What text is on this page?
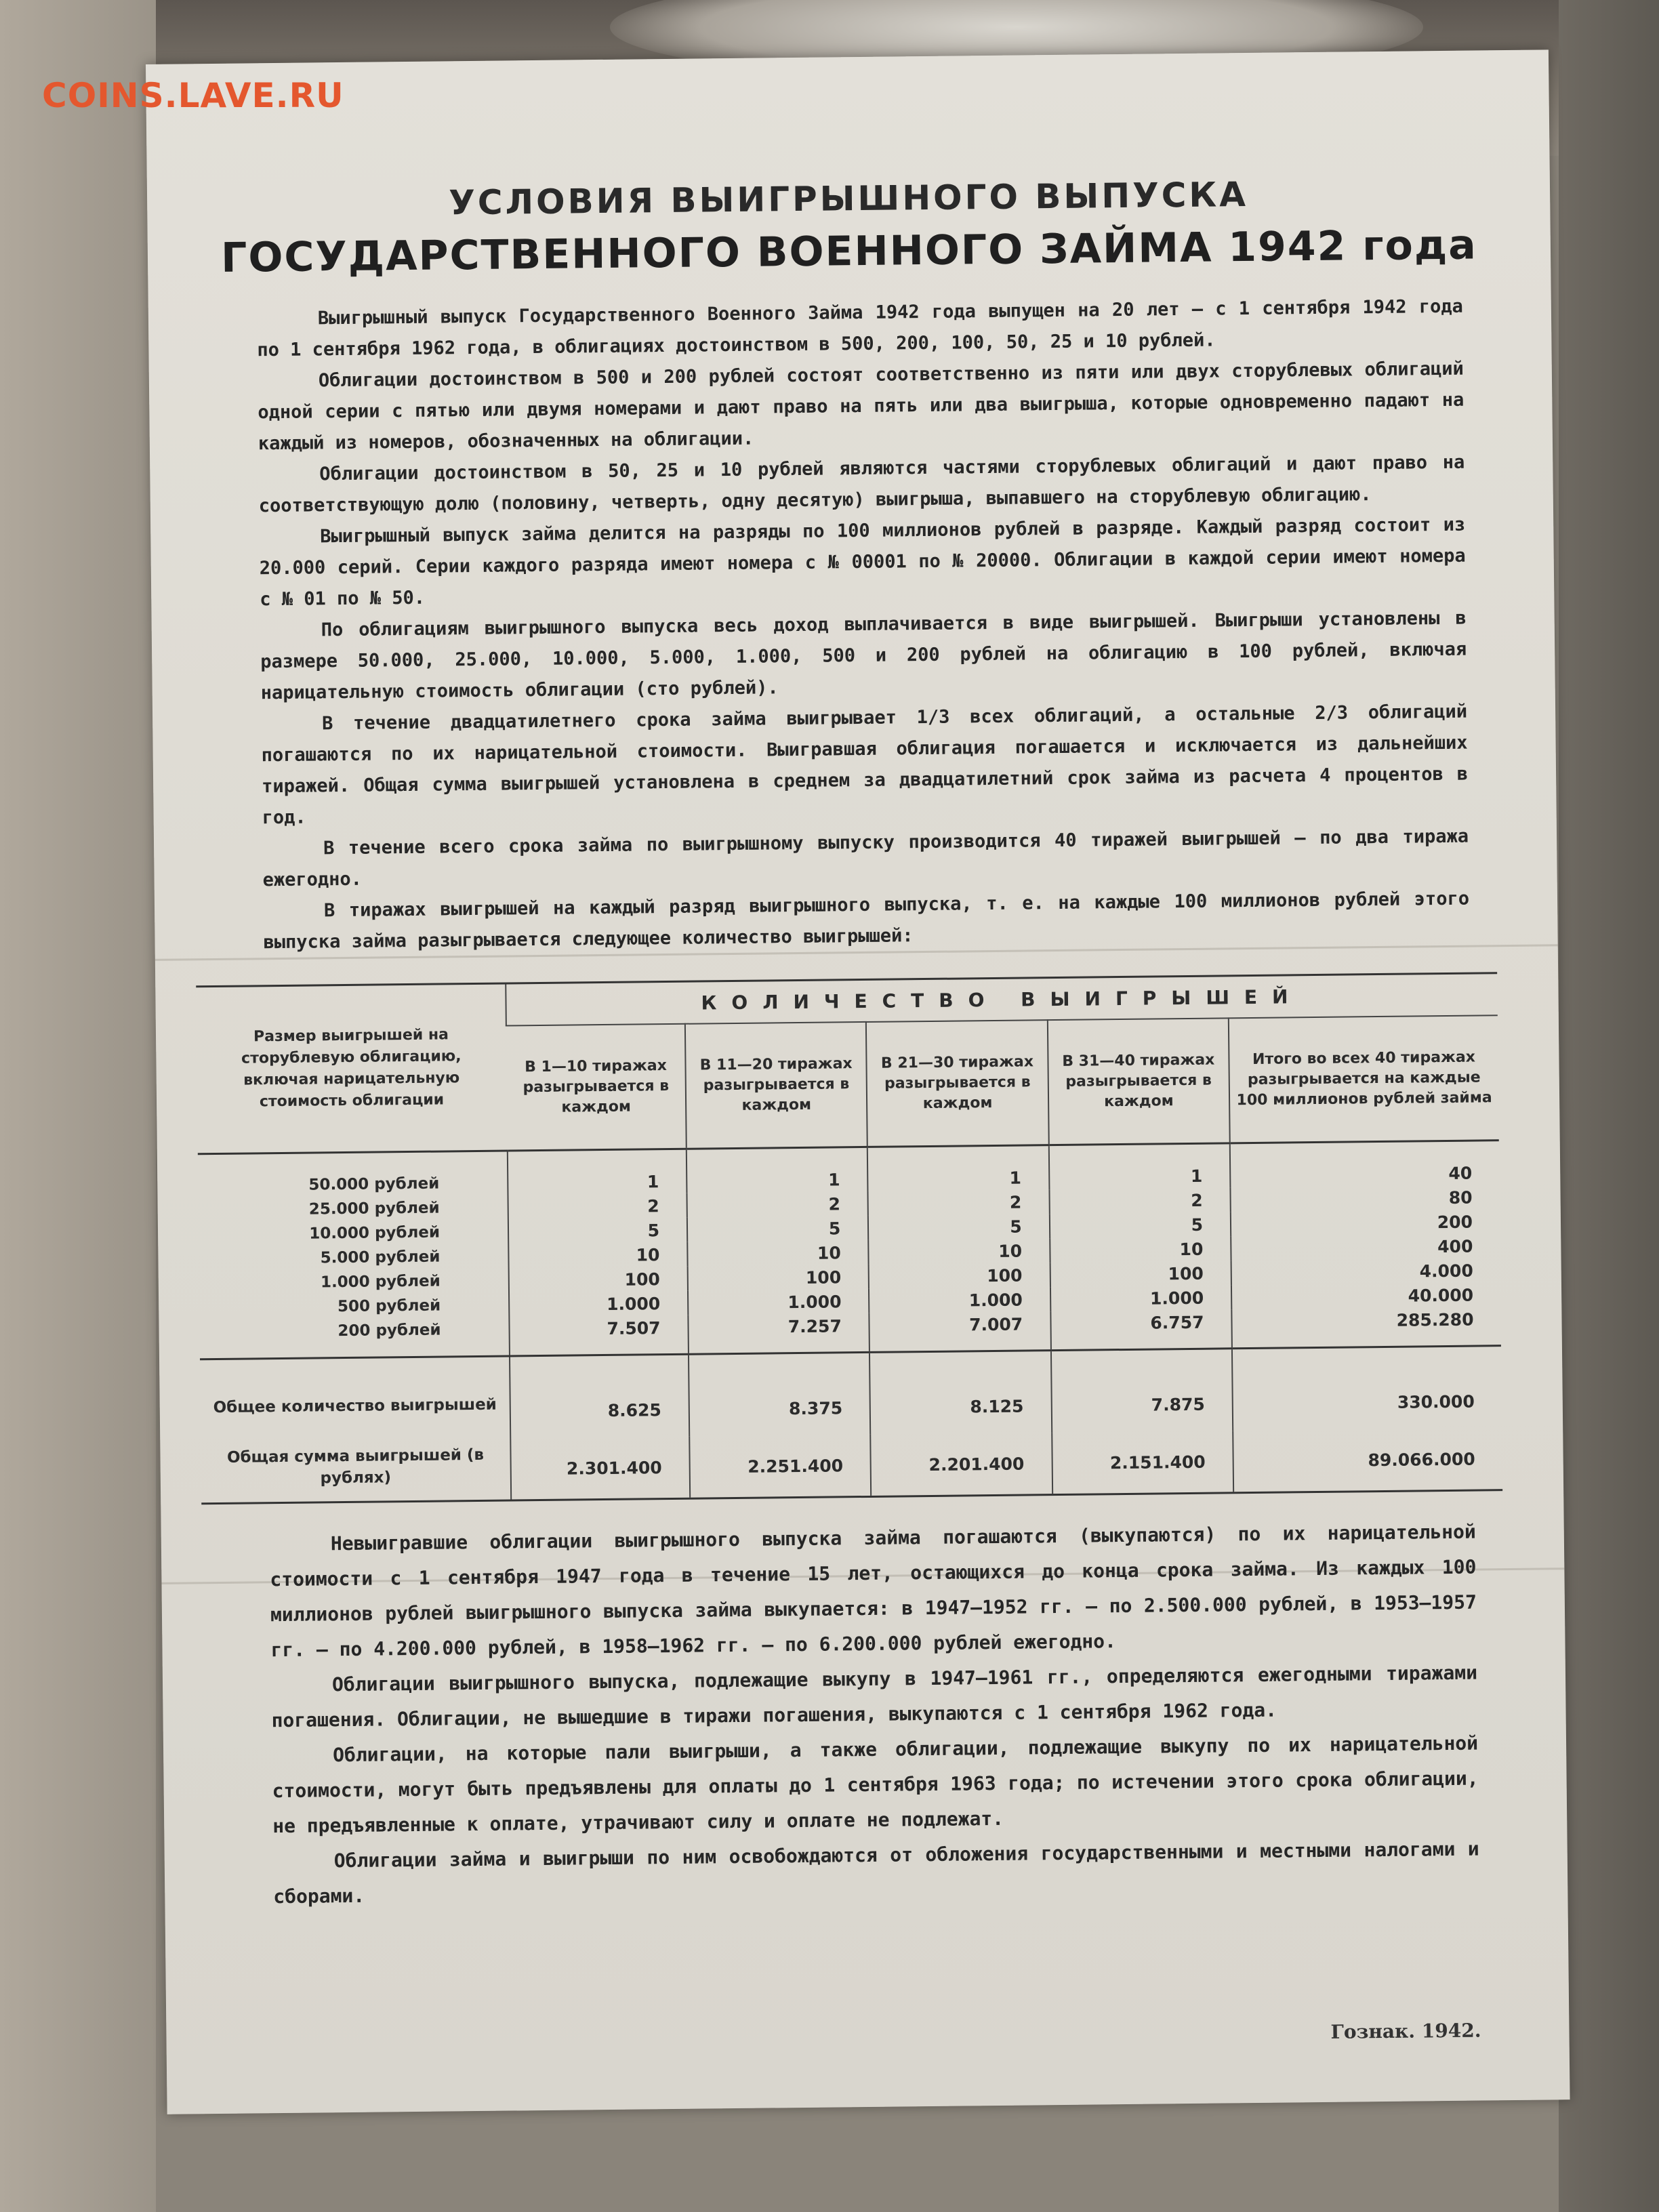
УСЛОВИЯ ВЫИГРЫШНОГО ВЫПУСКА
ГОСУДАРСТВЕННОГО ВОЕННОГО ЗАЙМА 1942 года

Выигрышный выпуск Государственного Военного Займа 1942 года выпущен на 20 лет — с 1 сентября 1942 года по 1 сентября 1962 года, в облигациях достоинством в 500, 200, 100, 50, 25 и 10 рублей.

Облигации достоинством в 500 и 200 рублей состоят соответственно из пяти или двух сторублевых облигаций одной серии с пятью или двумя номерами и дают право на пять или два выигрыша, которые одновременно падают на каждый из номеров, обозначенных на облигации.

Облигации достоинством в 50, 25 и 10 рублей являются частями сторублевых облигаций и дают право на соответствующую долю (половину, четверть, одну десятую) выигрыша, выпавшего на сторублевую облигацию.

Выигрышный выпуск займа делится на разряды по 100 миллионов рублей в разряде. Каждый разряд состоит из 20.000 серий. Серии каждого разряда имеют номера с № 00001 по № 20000. Облигации в каждой серии имеют номера с № 01 по № 50.

По облигациям выигрышного выпуска весь доход выплачивается в виде выигрышей. Выигрыши установлены в размере 50.000, 25.000, 10.000, 5.000, 1.000, 500 и 200 рублей на облигацию в 100 рублей, включая нарицательную стоимость облигации (сто рублей).

В течение двадцатилетнего срока займа выигрывает 1/3 всех облигаций, а остальные 2/3 облигаций погашаются по их нарицательной стоимости. Выигравшая облигация погашается и исключается из дальнейших тиражей. Общая сумма выигрышей установлена в среднем за двадцатилетний срок займа из расчета 4 процентов в год.

В течение всего срока займа по выигрышному выпуску производится 40 тиражей выигрышей — по два тиража ежегодно.

В тиражах выигрышей на каждый разряд выигрышного выпуска, т. е. на каждые 100 миллионов рублей этого выпуска займа разыгрывается следующее количество выигрышей:

Размер выигрышей на сторублевую облигацию, включая нарицательную стоимость облигации	КОЛИЧЕСТВО ВЫИГРЫШЕЙ				
	В 1—10 тиражах разыгрывается в каждом	В 11—20 тиражах разыгрывается в каждом	В 21—30 тиражах разыгрывается в каждом	В 31—40 тиражах разыгрывается в каждом	Итого во всех 40 тиражах разыгрывается на каждые 100 миллионов рублей займа
50.000 рублей	1	1	1	1	40
25.000 рублей	2	2	2	2	80
10.000 рублей	5	5	5	5	200
5.000 рублей	10	10	10	10	400
1.000 рублей	100	100	100	100	4.000
500 рублей	1.000	1.000	1.000	1.000	40.000
200 рублей	7.507	7.257	7.007	6.757	285.280
Общее количество выигрышей	8.625	8.375	8.125	7.875	330.000
Общая сумма выигрышей (в рублях)	2.301.400	2.251.400	2.201.400	2.151.400	89.066.000

Невыигравшие облигации выигрышного выпуска займа погашаются (выкупаются) по их нарицательной стоимости с 1 сентября 1947 года в течение 15 лет, остающихся до конца срока займа. Из каждых 100 миллионов рублей выигрышного выпуска займа выкупается: в 1947—1952 гг. — по 2.500.000 рублей, в 1953—1957 гг. — по 4.200.000 рублей, в 1958—1962 гг. — по 6.200.000 рублей ежегодно.

Облигации выигрышного выпуска, подлежащие выкупу в 1947—1961 гг., определяются ежегодными тиражами погашения. Облигации, не вышедшие в тиражи погашения, выкупаются с 1 сентября 1962 года.

Облигации, на которые пали выигрыши, а также облигации, подлежащие выкупу по их нарицательной стоимости, могут быть предъявлены для оплаты до 1 сентября 1963 года; по истечении этого срока облигации, не предъявленные к оплате, утрачивают силу и оплате не подлежат.

Облигации займа и выигрыши по ним освобождаются от обложения государственными и местными налогами и сборами.

Гознак. 1942.
COINS.LAVE.RU
